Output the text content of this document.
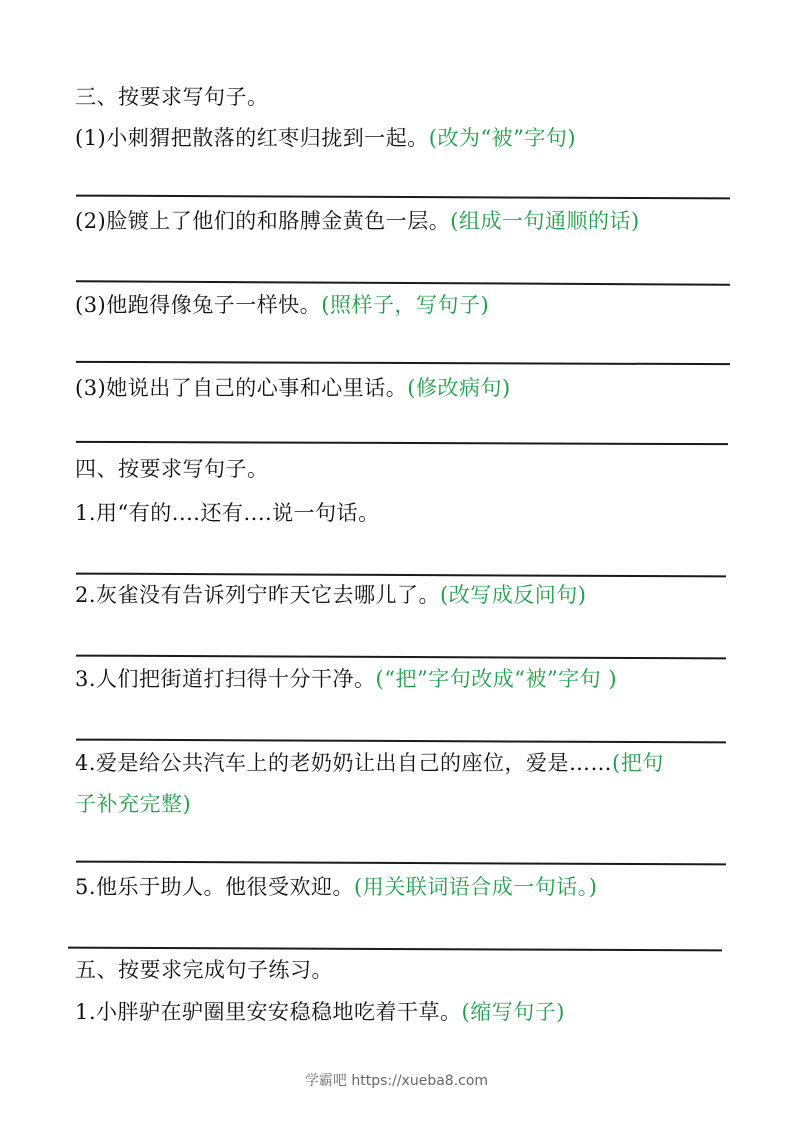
三、按要求写句子。
(1)小刺猬把散落的红枣归拢到一起。(改为“被”字句)
(2)脸镀上了他们的和胳膊金黄色一层。(组成一句通顺的话)
(3)他跑得像兔子一样快。(照样子，写句子)
(3)她说出了自己的心事和心里话。(修改病句)
四、按要求写句子。
1.用“有的....还有....说一句话。
2.灰雀没有告诉列宁昨天它去哪儿了。(改写成反问句)
3.人们把街道打扫得十分干净。(“把”字句改成“被”字句 )
4.爱是给公共汽车上的老奶奶让出自己的座位，爱是……(把句
子补充完整)
5.他乐于助人。他很受欢迎。(用关联词语合成一句话。)
五、按要求完成句子练习。
1.小胖驴在驴圈里安安稳稳地吃着干草。(缩写句子)
学霸吧 https://xueba8.com
